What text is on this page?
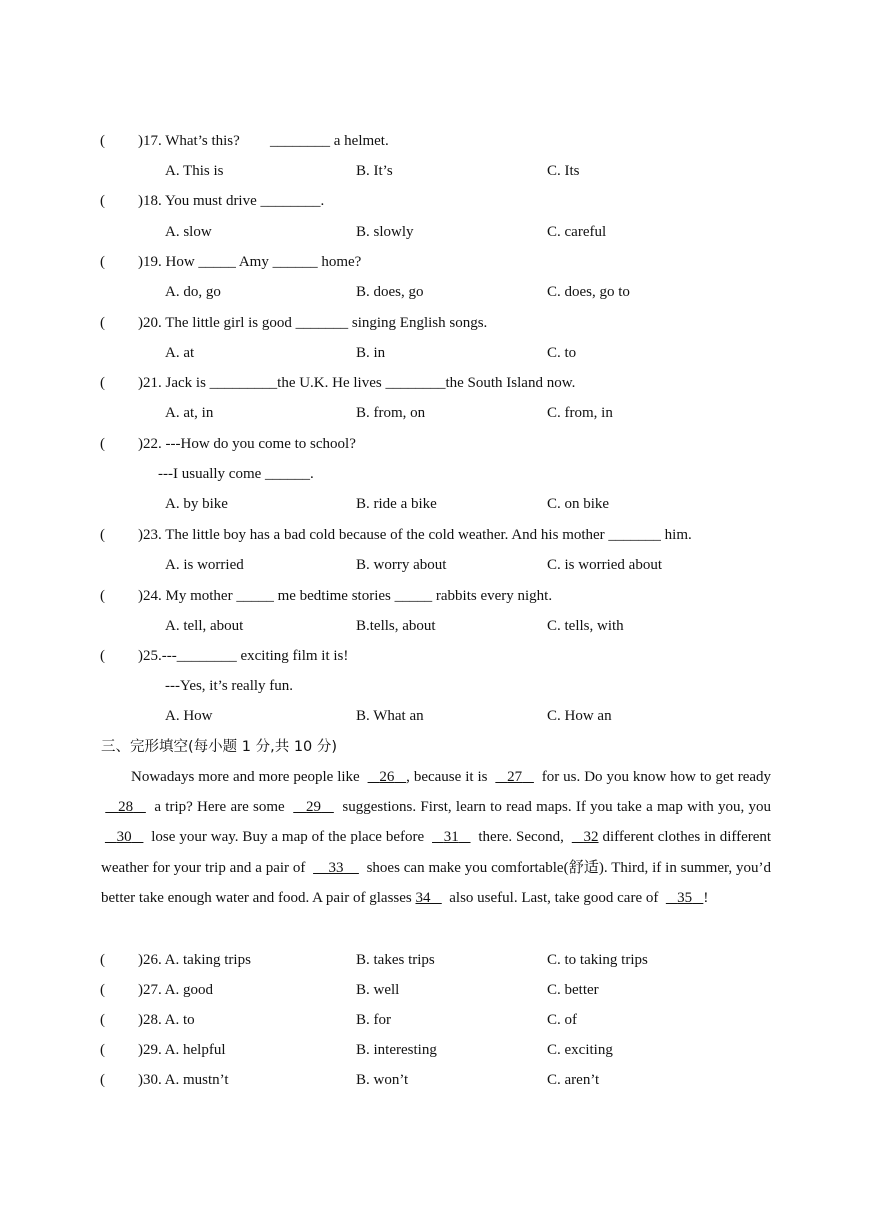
( )17. What’s this? ________ a helmet.
A. This is	B. It’s	C. Its
( )18. You must drive ________.
A. slow	B. slowly	C. careful
( )19. How _____ Amy ______ home?
A. do, go	B. does, go	C. does, go to
( )20. The little girl is good _______ singing English songs.
A. at	B. in	C. to
( )21. Jack is _________the U.K. He lives ________the South Island now.
A. at, in	B. from, on	C. from, in
( )22. ---How do you come to school?
---I usually come ______.
A. by bike	B. ride a bike	C. on bike
( )23. The little boy has a bad cold because of the cold weather. And his mother _______ him.
A. is worried	B. worry about	C. is worried about
( )24. My mother _____ me bedtime stories _____ rabbits every night.
A. tell, about	B.tells, about	C. tells, with
( )25.---________ exciting film it is!
---Yes, it’s really fun.
A. How	B. What an	C. How an
三、完形填空(每小题 1 分,共 10 分)
Nowadays more and more people like 26 , because it is 27 for us. Do you know how to get ready     28 a trip? Here are some 29 suggestions. First, learn to read maps. If you take a map with you, you     30 lose your way. Buy a map of the place before 31 there. Second, 32 different clothes in different weather for your trip and a pair of 33 shoes can make you comfortable(舒适). Third, if in summer, you’d better take enough water and food. A pair of glasses 34 also useful. Last, take good care of 35 !
( )26. A. taking trips	B. takes trips	C. to taking trips
( )27. A. good	B. well	C. better
( )28. A. to	B. for	C. of
( )29. A. helpful	B. interesting	C. exciting
( )30. A. mustn’t	B. won’t	C. aren’t
